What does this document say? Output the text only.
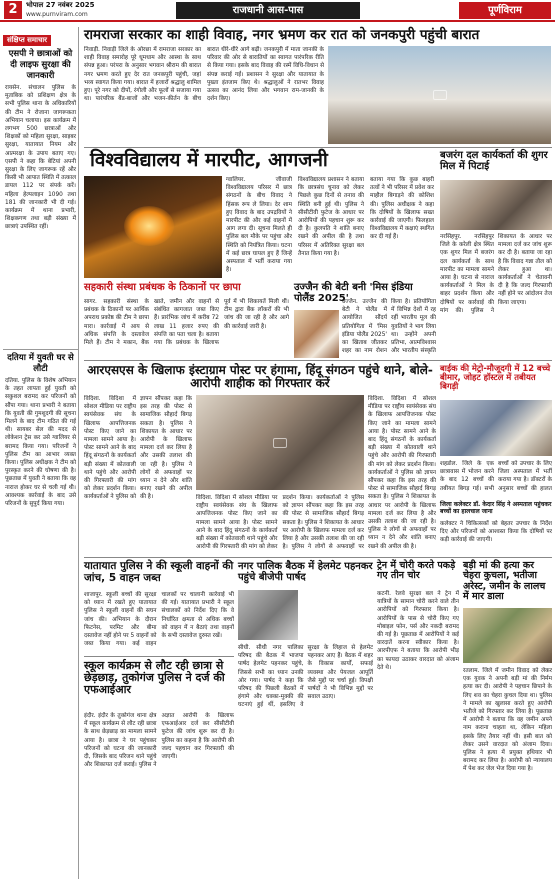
2	भोपाल 27 नवंबर 2025
www.purnviram.com	राजधानी आस-पास	पूर्णविराम
संक्षिप्त समाचार
एसपी ने छात्राओं को दी लाइफ सुरक्षा की जानकारी
रायसेन. संचालन पुलिस के मुताबिक को प्रशिक्षण क्षेत्र के सभी पुलिस थाना के अधिकारियों की टीम ने रोजाना जागरूकता अभियान चलाया। इस कार्यक्रम में लगभग 500 छात्राओं और शिक्षकों को महिला सुरक्षा, साइबर सुरक्षा, यातायात नियम और आत्मरक्षा के उपाय बताए गए। एसपी ने कहा कि बेटियां अपनी सुरक्षा के लिए जागरूक रहें और किसी भी आपात स्थिति में तत्काल डायल 112 पर संपर्क करें। महिला हेल्पलाइन 1090 तथा 181 की जानकारी भी दी गई। कार्यक्रम में थाना प्रभारी, शिक्षकगण तथा बड़ी संख्या में छात्राएं उपस्थित रहीं।
दतिया में युवती घर से लौटी
दतिया. पुलिस के विशेष अभियान के तहत लापता हुई युवती को सकुशल बरामद कर परिजनों को सौंपा गया। थाना प्रभारी ने बताया कि युवती की गुमशुदगी की सूचना मिलने के बाद टीम गठित की गई थी। सायबर सेल की मदद से लोकेशन ट्रेस कर उसे ग्वालियर से बरामद किया गया। परिजनों ने पुलिस टीम का आभार व्यक्त किया। पुलिस अधीक्षक ने टीम को पुरस्कृत करने की घोषणा की है। पूछताछ में युवती ने बताया कि वह नाराज होकर घर से चली गई थी। आवश्यक कार्रवाई के बाद उसे परिजनों के सुपुर्द किया गया।
रामराजा सरकार का शाही विवाह, नगर भ्रमण कर रात को जनकपुरी पहुंची बारात
निवाड़ी. निवाड़ी जिले के ओरछा में रामराजा सरकार का शाही विवाह समारोह पूरे धूमधाम और आस्था के साथ संपन्न हुआ। परंपरा के अनुसार भगवान श्रीराम की बारात नगर भ्रमण करते हुए देर रात जनकपुरी पहुंची, जहां भव्य स्वागत किया गया। बारात में हजारों श्रद्धालु शामिल हुए। पूरे नगर को दीपों, रंगोली और फूलों से सजाया गया था। पारंपरिक बैंड-बाजों और भजन-कीर्तन के बीच बारात धीरे-धीरे आगे बढ़ी। जनकपुरी में माता जानकी के परिवार की ओर से बारातियों का स्वागत पारंपरिक रीति से किया गया। इसके बाद विवाह की रस्में विधि-विधान से संपन्न कराई गईं। प्रशासन ने सुरक्षा और यातायात के पुख्ता इंतजाम किए थे। श्रद्धालुओं ने रातभर विवाह उत्सव का आनंद लिया और भगवान राम-जानकी के दर्शन किए।
विश्वविद्यालय में मारपीट, आगजनी
ग्वालियर. जीवाजी विश्वविद्यालय परिसर में छात्र संगठनों के बीच विवाद ने हिंसक रूप ले लिया। देर शाम हुए विवाद के बाद उपद्रवियों ने मारपीट की और कई वाहनों में आग लगा दी। सूचना मिलते ही पुलिस बल मौके पर पहुंचा और स्थिति को नियंत्रित किया। घटना में कई छात्र घायल हुए हैं जिन्हें अस्पताल में भर्ती कराया गया है।
विश्वविद्यालय प्रशासन ने बताया कि छात्रसंघ चुनाव को लेकर पिछले कुछ दिनों से तनाव की स्थिति बनी हुई थी। पुलिस ने सीसीटीवी फुटेज के आधार पर आरोपियों की पहचान शुरू कर दी है। कुलपति ने शांति बनाए रखने की अपील की है तथा परिसर में अतिरिक्त सुरक्षा बल तैनात किया गया है।
बताया गया कि कुछ बाहरी तत्वों ने भी परिसर में प्रवेश कर माहौल बिगाड़ने की कोशिश की। पुलिस अधीक्षक ने कहा कि दोषियों के खिलाफ सख्त कार्रवाई की जाएगी। फिलहाल विश्वविद्यालय में कक्षाएं स्थगित कर दी गई हैं।
बजरंग दल कार्यकर्ता की शुगर मिल में पिटाई
नरसिंहपुर. नरसिंहपुर जिले के करेली क्षेत्र स्थित एक शुगर मिल में बजरंग दल कार्यकर्ता के साथ मारपीट का मामला सामने आया है। घटना से नाराज कार्यकर्ताओं ने मिल के बाहर प्रदर्शन किया और दोषियों पर कार्रवाई की मांग की। पुलिस ने शिकायत के आधार पर मामला दर्ज कर जांच शुरू कर दी है। बताया जा रहा है कि विवाद गन्ना तौल को लेकर हुआ था। कार्यकर्ताओं ने चेतावनी दी है कि जल्द गिरफ्तारी नहीं होने पर आंदोलन तेज किया जाएगा।
सहकारी संस्था प्रबंधक के ठिकानों पर छापा
सागर. सहकारी संस्था के प्रबंधक के ठिकानों पर आर्थिक अपराध प्रकोष्ठ की टीम ने छापा मारा। कार्रवाई में आय से अधिक संपत्ति के दस्तावेज मिले हैं। टीम ने मकान, बैंक खाते, जमीन और वाहनों से संबंधित कागजात जब्त किए हैं। प्रारंभिक जांच में करीब 72 लाख 11 हजार रुपए की संपत्ति का पता चला है। बताया गया कि प्रबंधक के खिलाफ पूर्व में भी शिकायतें मिली थीं। टीम द्वारा बैंक लॉकरों की भी जांच की जा रही है और आगे की कार्रवाई जारी है।
उज्जैन की बेटी बनी 'मिस इंडिया पोलैंड 2025'
उज्जैन. उज्जैन की बेटी ने पोलैंड में आयोजित सौंदर्य प्रतियोगिता में 'मिस इंडिया पोलैंड 2025' का खिताब जीतकर शहर का नाम रोशन किया है। प्रतियोगिता में विभिन्न देशों में रह रहीं भारतीय मूल की युवतियों ने भाग लिया था। उन्होंने अपनी प्रतिभा, आत्मविश्वास और भारतीय संस्कृति
आरएसएस के खिलाफ इंस्टाग्राम पोस्ट पर हंगामा, हिंदू संगठन पहुंचे थाने, बोले- आरोपी शाहीक को गिरफ्तार करें
विदिशा. विदिशा में सोशल मीडिया पर राष्ट्रीय स्वयंसेवक संघ के खिलाफ आपत्तिजनक पोस्ट किए जाने का मामला सामने आया है। पोस्ट सामने आने के बाद हिंदू संगठनों के कार्यकर्ता बड़ी संख्या में कोतवाली थाने पहुंचे और आरोपी की गिरफ्तारी की मांग को लेकर प्रदर्शन किया। कार्यकर्ताओं ने पुलिस को ज्ञापन सौंपकर कहा कि इस तरह की पोस्ट से सामाजिक सौहार्द बिगड़ सकता है। पुलिस ने शिकायत के आधार पर आरोपी के खिलाफ मामला दर्ज कर लिया है और उसकी तलाश की जा रही है। पुलिस ने लोगों से अफवाहों पर ध्यान न देने और शांति बनाए रखने की अपील की है।
विदिशा. विदिशा में सोशल मीडिया पर राष्ट्रीय स्वयंसेवक संघ के खिलाफ आपत्तिजनक पोस्ट किए जाने का मामला सामने आया है। पोस्ट सामने आने के बाद हिंदू संगठनों के कार्यकर्ता बड़ी संख्या में कोतवाली थाने पहुंचे और आरोपी की गिरफ्तारी की मांग को लेकर प्रदर्शन किया। कार्यकर्ताओं ने पुलिस को ज्ञापन सौंपकर कहा कि इस तरह की पोस्ट से सामाजिक सौहार्द बिगड़ सकता है। पुलिस ने शिकायत के आधार पर आरोपी के खिलाफ मामला दर्ज कर लिया है और उसकी तलाश की जा रही है। पुलिस ने लोगों से अफवाहों पर ध्यान न देने और शांति बनाए रखने की अपील की है।
विदिशा. विदिशा में सोशल मीडिया पर राष्ट्रीय स्वयंसेवक संघ के खिलाफ आपत्तिजनक पोस्ट किए जाने का मामला सामने आया है। पोस्ट सामने आने के बाद हिंदू संगठनों के कार्यकर्ता बड़ी संख्या में कोतवाली थाने पहुंचे और आरोपी की गिरफ्तारी की मांग को लेकर प्रदर्शन किया। कार्यकर्ताओं ने पुलिस को ज्ञापन सौंपकर कहा कि इस तरह की पोस्ट से सामाजिक सौहार्द बिगड़ सकता है। पुलिस ने शिकायत के आधार पर आरोपी के खिलाफ मामला दर्ज कर लिया है और उसकी तलाश की जा रही है। पुलिस ने लोगों से अफवाहों पर
बाईक की मेट्रो-मौजूदगी में 12 बच्चे बीमार, जोहट हॉस्टल में तबीयत बिगड़ी
शहडोल. जिले के एक छात्रावास में भोजन करने के बाद 12 बच्चों की तबीयत बिगड़ गई। सभी बच्चों को उपचार के लिए जिला अस्पताल में भर्ती कराया गया है। डॉक्टरों के अनुसार बच्चों की हालत
जिला कलेक्टर डॉ. केदार सिंह ने अस्पताल पहुंचकर बच्चों का हालचाल जाना
कलेक्टर ने चिकित्सकों को बेहतर उपचार के निर्देश दिए और परिजनों को आश्वस्त किया कि दोषियों पर कड़ी कार्रवाई की जाएगी।
यातायात पुलिस ने की स्कूली वाहनों की जांच, 5 वाहन जब्त
शाजापुर. स्कूली बच्चों की सुरक्षा को ध्यान में रखते हुए यातायात पुलिस ने स्कूली वाहनों की सघन जांच की। अभियान के दौरान फिटनेस, परमिट और बीमा दस्तावेज नहीं होने पर 5 वाहनों को जब्त किया गया। कई वाहन चालकों पर चालानी कार्रवाई भी की गई। यातायात प्रभारी ने स्कूल संचालकों को निर्देश दिए कि वे निर्धारित क्षमता से अधिक बच्चों को वाहन में न बैठाएं तथा वाहनों के सभी दस्तावेज दुरुस्त रखें।
नगर पालिक बैठक में हेलमेट पहनकर पहुंचे बीजेपी पार्षद
सीधी. सीधी नगर पालिका परिषद की बैठक में भाजपा पार्षद हेलमेट पहनकर पहुंचे, जिससे सभी का ध्यान उनकी ओर गया। पार्षद ने कहा कि परिषद की पिछली बैठकों में हंगामे और धक्का-मुक्की की घटनाएं हुई थीं, इसलिए वे सुरक्षा के लिहाज से हेलमेट पहनकर आए हैं। बैठक में शहर के विकास कार्यों, सफाई व्यवस्था और पेयजल आपूर्ति जैसे मुद्दों पर चर्चा हुई। विपक्षी पार्षदों ने भी विभिन्न मुद्दों पर सवाल उठाए।
ट्रेन में चोरी करते पकड़े गए तीन चोर
कटनी. रेलवे सुरक्षा बल ने ट्रेन में यात्रियों के सामान चोरी करने वाले तीन आरोपियों को गिरफ्तार किया है। आरोपियों के पास से चोरी किए गए मोबाइल फोन, पर्स और नकदी बरामद की गई है। पूछताछ में आरोपियों ने कई वारदातें करना स्वीकार किया है। आरपीएफ ने बताया कि आरोपी भीड़ का फायदा उठाकर वारदात को अंजाम देते थे।
बड़ी मां की हत्या कर चेहरा कुचला, भतीजा अरेस्ट, जमीन के लालच में मार डाला
रतलाम. जिले में जमीन विवाद को लेकर एक युवक ने अपनी बड़ी मां की निर्मम हत्या कर दी। आरोपी ने पहचान छिपाने के लिए शव का चेहरा कुचल दिया था। पुलिस ने मामले का खुलासा करते हुए आरोपी भतीजे को गिरफ्तार कर लिया है। पूछताछ में आरोपी ने बताया कि वह जमीन अपने नाम कराना चाहता था, लेकिन महिला इसके लिए तैयार नहीं थी। इसी बात को लेकर उसने वारदात को अंजाम दिया। पुलिस ने हत्या में प्रयुक्त हथियार भी बरामद कर लिया है। आरोपी को न्यायालय में पेश कर जेल भेज दिया गया है।
स्कूल कार्यक्रम से लौट रही छात्रा से छेड़छाड़, तुकोगंज पुलिस ने दर्ज की एफआईआर
इंदौर. इंदौर के तुकोगंज थाना क्षेत्र में स्कूल कार्यक्रम से लौट रही छात्रा के साथ छेड़छाड़ का मामला सामने आया है। छात्रा ने घर पहुंचकर परिजनों को घटना की जानकारी दी, जिसके बाद परिजन थाने पहुंचे और शिकायत दर्ज कराई। पुलिस ने अज्ञात आरोपी के खिलाफ एफआईआर दर्ज कर सीसीटीवी फुटेज की जांच शुरू कर दी है। पुलिस का कहना है कि आरोपी की जल्द पहचान कर गिरफ्तारी की जाएगी।
